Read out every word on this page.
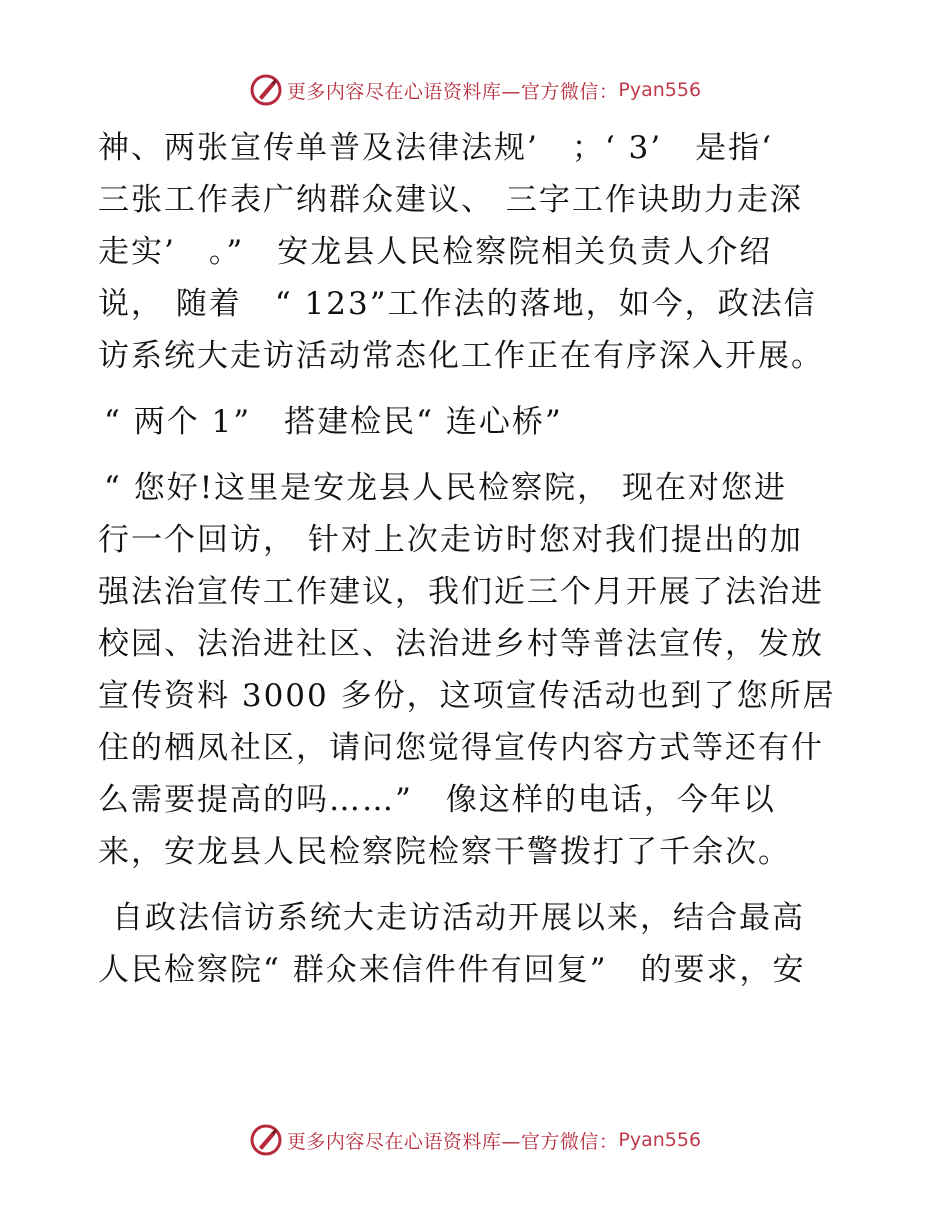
更多内容尽在心语资料库—官方微信： Pyan556
神、两张宣传单普及法律法规’　；‘ 3’　是指‘
三张工作表广纳群众建议、 三字工作诀助力走深
走实’　。”　安龙县人民检察院相关负责人介绍
说， 随着　“ 123”工作法的落地，如今，政法信
访系统大走访活动常态化工作正在有序深入开展。
“ 两个 1”　搭建检民“ 连心桥”
“ 您好!这里是安龙县人民检察院， 现在对您进
行一个回访， 针对上次走访时您对我们提出的加
强法治宣传工作建议，我们近三个月开展了法治进
校园、法治进社区、法治进乡村等普法宣传，发放
宣传资料 3000 多份，这项宣传活动也到了您所居
住的栖凤社区，请问您觉得宣传内容方式等还有什
么需要提高的吗……”　像这样的电话，今年以
来，安龙县人民检察院检察干警拨打了千余次。
自政法信访系统大走访活动开展以来，结合最高
人民检察院“ 群众来信件件有回复”　的要求，安
更多内容尽在心语资料库—官方微信： Pyan556
